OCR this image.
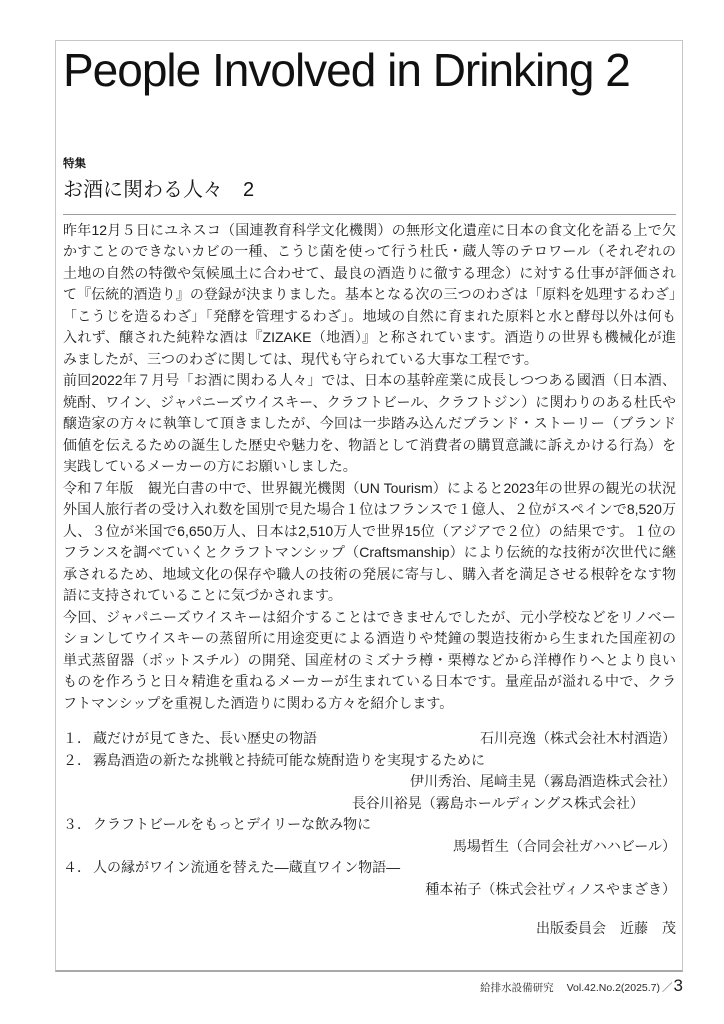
People Involved in Drinking 2
特集
お酒に関わる人々　2

昨年12月５日にユネスコ（国連教育科学文化機関）の無形文化遺産に日本の食文化を語る上で欠かすことのできないカビの一種、こうじ菌を使って行う杜氏・蔵人等のテロワール（それぞれの土地の自然の特徴や気候風土に合わせて、最良の酒造りに徹する理念）に対する仕事が評価されて『伝統的酒造り』の登録が決まりました。基本となる次の三つのわざは「原料を処理するわざ」「こうじを造るわざ」「発酵を管理するわざ」。地域の自然に育まれた原料と水と酵母以外は何も入れず、醸された純粋な酒は『ZIZAKE（地酒）』と称されています。酒造りの世界も機械化が進みましたが、三つのわざに関しては、現代も守られている大事な工程です。

前回2022年７月号「お酒に関わる人々」では、日本の基幹産業に成長しつつある國酒（日本酒、焼酎、ワイン、ジャパニーズウイスキー、クラフトビール、クラフトジン）に関わりのある杜氏や醸造家の方々に執筆して頂きましたが、今回は一歩踏み込んだブランド・ストーリー（ブランド価値を伝えるための誕生した歴史や魅力を、物語として消費者の購買意識に訴えかける行為）を実践しているメーカーの方にお願いしました。

令和７年版　観光白書の中で、世界観光機関（UN Tourism）によると2023年の世界の観光の状況外国人旅行者の受け入れ数を国別で見た場合１位はフランスで１億人、２位がスペインで8,520万人、３位が米国で6,650万人、日本は2,510万人で世界15位（アジアで２位）の結果です。１位のフランスを調べていくとクラフトマンシップ（Craftsmanship）により伝統的な技術が次世代に継承されるため、地域文化の保存や職人の技術の発展に寄与し、購入者を満足させる根幹をなす物語に支持されていることに気づかされます。

今回、ジャパニーズウイスキーは紹介することはできませんでしたが、元小学校などをリノベーションしてウイスキーの蒸留所に用途変更による酒造りや梵鐘の製造技術から生まれた国産初の単式蒸留器（ポットスチル）の開発、国産材のミズナラ樽・栗樽などから洋樽作りへとより良いものを作ろうと日々精進を重ねるメーカーが生まれている日本です。量産品が溢れる中で、クラフトマンシップを重視した酒造りに関わる方々を紹介します。

１． 蔵だけが見てきた、長い歴史の物語	石川亮逸（株式会社木村酒造）
２． 霧島酒造の新たな挑戦と持続可能な焼酎造りを実現するために
伊川秀治、尾﨑圭晃（霧島酒造株式会社）
長谷川裕晃（霧島ホールディングス株式会社）
３． クラフトビールをもっとデイリーな飲み物に
馬場哲生（合同会社ガハハビール）
４． 人の縁がワイン流通を替えた―蔵直ワイン物語―
種本祐子（株式会社ヴィノスやまざき）
出版委員会　近藤　茂
給排水設備研究 Vol.42.No.2(2025.7) ／ 3
